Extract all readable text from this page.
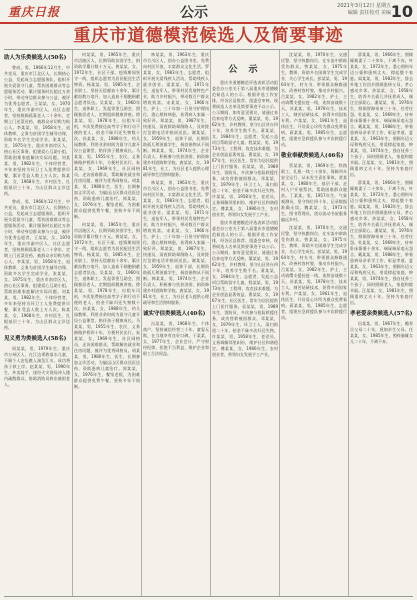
重庆日报	公示	2021年3月12日 星期五
编辑 责任校对 美编 10
重庆市道德模范候选人及简要事迹
助人为乐类候选人(50名)

曾成，男，1966年12月生，中共党员，重庆市江北区人。长期热心公益，发起成立志愿服务队，组织开展关爱留守儿童、帮扶困难群众等志愿服务活动，累计服务时长超过万余小时，带动身边群众参与公益，被评为优秀志愿者。王某某，女，1970年生，重庆市渝中区人，社区志愿者，坚持照顾孤寡老人二十余年，定期上门送菜送药，被群众亲切称为贴心人。李某某，男，1958年生，退休教师，义务为贫困学生辅导功课，资助多名学生完成学业。张某某，女，1975年生，重庆市南岸区人，热心社区事务，组建爱心互助小组，帮助困难家庭解决实际问题。刘某某，男，1982年生，个体经营者，多年来坚持为环卫工人免费提供早餐，累计受益人数上万人次。陈某某，女，1968年生，乡村医生，扎根基层三十年，为山区群众义诊送药。

曾成，男，1966年12月生，中共党员，重庆市江北区人。长期热心公益，发起成立志愿服务队，组织开展关爱留守儿童、帮扶困难群众等志愿服务活动，累计服务时长超过万余小时，带动身边群众参与公益，被评为优秀志愿者。王某某，女，1970年生，重庆市渝中区人，社区志愿者，坚持照顾孤寡老人二十余年，定期上门送菜送药，被群众亲切称为贴心人。李某某，男，1958年生，退休教师，义务为贫困学生辅导功课，资助多名学生完成学业。张某某，女，1975年生，重庆市南岸区人，热心社区事务，组建爱心互助小组，帮助困难家庭解决实际问题。刘某某，男，1982年生，个体经营者，多年来坚持为环卫工人免费提供早餐，累计受益人数上万人次。陈某某，女，1968年生，乡村医生，扎根基层三十年，为山区群众义诊送药。

见义勇为类候选人(58名)

周某某，男，1979年生，重庆市万州区人，在江边勇救落水儿童，不顾个人安危跳入湍急江水，成功将孩子救上岸。赵某某，男，1990年生，外卖骑手，途经火灾现场冲入楼内疏散群众，协助消防员救出被困老人。

何某某，男，1965年生，重庆市涪陵区人，长期资助贫困学生，捐资助学累计数十万元。黄某某，女，1972年生，社区干部，疫情期间坚守一线，组织志愿者为居民配送生活物资。杨某某，男，1985年生，企业职工，坚持无偿献血十余年，累计献血数万毫升，加入造血干细胞捐献志愿者队伍。吴某某，女，1960年生，退休职工，发起邻里互助会，照顾独居老人，定期组织健康讲座。徐某某，男，1978年生，出租车司机，多次免费接送高考学子和行动不便的老人，拾金不昧归还失物数十次。孙某某，女，1988年生，幼儿园教师，利用业余时间为留守儿童开设公益课堂，陪伴孩子健康成长。马某某，男，1955年生，农民，义务修路护桥四十年，方便村民出行。朱某某，女，1969年生，社区网格员，走访困难群众，帮助解决就业和住房问题，被评为优秀网格员。胡某某，男，1980年生，医生，长期参加义诊活动，为偏远山区群众送医送药，资助患病儿童治疗。郭某某，女，1976年生，餐馆老板，为困难群众提供免费午餐，坚持多年不间断。

何某某，男，1965年生，重庆市涪陵区人，长期资助贫困学生，捐资助学累计数十万元。黄某某，女，1972年生，社区干部，疫情期间坚守一线，组织志愿者为居民配送生活物资。杨某某，男，1985年生，企业职工，坚持无偿献血十余年，累计献血数万毫升，加入造血干细胞捐献志愿者队伍。吴某某，女，1960年生，退休职工，发起邻里互助会，照顾独居老人，定期组织健康讲座。徐某某，男，1978年生，出租车司机，多次免费接送高考学子和行动不便的老人，拾金不昧归还失物数十次。孙某某，女，1988年生，幼儿园教师，利用业余时间为留守儿童开设公益课堂，陪伴孩子健康成长。马某某，男，1955年生，农民，义务修路护桥四十年，方便村民出行。朱某某，女，1969年生，社区网格员，走访困难群众，帮助解决就业和住房问题，被评为优秀网格员。胡某某，男，1980年生，医生，长期参加义诊活动，为偏远山区群众送医送药，资助患病儿童治疗。郭某某，女，1976年生，餐馆老板，为困难群众提供免费午餐，坚持多年不间断。

林某某，男，1963年生，重庆市合川区人，创办公益图书室，免费向村民开放，丰富群众文化生活。罗某某，女，1983年生，志愿者，组织开展关爱残疾人活动，帮助残疾人就业创业。梁某某，男，1971年生，退伍军人，带领村民发展特色产业，助力乡村振兴，带动数百户群众增收致富。宋某某，女，1966年生，护士，三十年如一日坚守护理岗位，悉心照料病患，获得病人家属一致好评。郑某某，男，1987年生，快递员，雨夜救助晕倒路人，及时拨打急救电话并陪同送医。谢某某，女，1959年生，退休干部，长期资助孤儿和困难学生，捐款捐物从不间断。韩某某，男，1974年生，企业负责人，积极参与扶贫济困，捐资修建乡村道路和学校。唐某某，女，1981年生，社工，为社区老人提供心理疏导和生活照料服务。

林某某，男，1963年生，重庆市合川区人，创办公益图书室，免费向村民开放，丰富群众文化生活。罗某某，女，1983年生，志愿者，组织开展关爱残疾人活动，帮助残疾人就业创业。梁某某，男，1971年生，退伍军人，带领村民发展特色产业，助力乡村振兴，带动数百户群众增收致富。宋某某，女，1966年生，护士，三十年如一日坚守护理岗位，悉心照料病患，获得病人家属一致好评。郑某某，男，1987年生，快递员，雨夜救助晕倒路人，及时拨打急救电话并陪同送医。谢某某，女，1959年生，退休干部，长期资助孤儿和困难学生，捐款捐物从不间断。韩某某，男，1974年生，企业负责人，积极参与扶贫济困，捐资修建乡村道路和学校。唐某某，女，1981年生，社工，为社区老人提供心理疏导和生活照料服务。

诚实守信类候选人(40名)

冯某某，男，1968年生，个体商户，坚持诚信经营三十年，童叟无欺，在当地享有良好口碑。于某某，女，1977年生，企业会计，严守财经纪律，拒绝不当利益，维护企业和职工合法权益。

重庆市道德模范评选表彰活动组委会办公室关于第八届重庆市道德模范候选人的公示。根据评选工作安排，经各区县推荐、组委会审核，现将候选人名单及简要事迹予以公示。公示期间，如有意见建议，请通过来信来电等方式反映。董某某，男，1962年生，乡村教师，坚守山区讲台四十年，培养学生数千名。萧某某，女，1984年生，志愿者，发起公益项目帮助留守儿童。程某某，男，1973年生，工程师，攻克技术难题，为企业创造显著效益。曹某某，女，1967年生，社区医生，常年为居民提供上门医疗服务。袁某某，男，1989年生，消防员，多次参与抢险救援任务，成功营救被困群众。邓某某，女，1979年生，环卫工人，清扫街道二十年，拾金不昧多次归还失物。许某某，男，1958年生，老党员，义务调解邻里纠纷，维护社区和谐稳定。傅某某，女，1986年生，农村创业者，带领妇女发展手工产业。

重庆市道德模范评选表彰活动组委会办公室关于第八届重庆市道德模范候选人的公示。根据评选工作安排，经各区县推荐、组委会审核，现将候选人名单及简要事迹予以公示。公示期间，如有意见建议，请通过来信来电等方式反映。董某某，男，1962年生，乡村教师，坚守山区讲台四十年，培养学生数千名。萧某某，女，1984年生，志愿者，发起公益项目帮助留守儿童。程某某，男，1973年生，工程师，攻克技术难题，为企业创造显著效益。曹某某，女，1967年生，社区医生，常年为居民提供上门医疗服务。袁某某，男，1989年生，消防员，多次参与抢险救援任务，成功营救被困群众。邓某某，女，1979年生，环卫工人，清扫街道二十年，拾金不昧多次归还失物。许某某，男，1958年生，老党员，义务调解邻里纠纷，维护社区和谐稳定。傅某某，女，1986年生，农村创业者，带领妇女发展手工产业。

公 示

沈某某，男，1970年生，交通民警，坚守执勤岗位，在车流中救助受伤群众。曾某某，女，1975年生，教师，资助多名困难学生完成学业，关心学生成长。彭某某，男，1964年生，村支书，带领群众修路通水，改善村容村貌，推动乡村振兴。吕某某，女，1982年生，护士，主动请缨支援抗疫一线，连续奋战数十天。苏某某，男，1978年生，技术工人，刻苦钻研技术，获得多项国家专利。卢某某，女，1961年生，退休医生，开设爱心诊所为群众免费看病。蒋某某，男，1985年生，志愿者，组建应急救援队参与多次救援行动。

敬业奉献类候选人(46名)

蔡某某，男，1969年生，铁路职工，扎根一线三十余年，保障列车安全运行，从未发生责任事故。贾某某，女，1980年生，基层干部，走村入户开展帮扶，帮助困难群众脱贫。丁某某，男，1957年生，气象观测员，坚守岗位四十年，记录数据准确无误。魏某某，女，1973年生，图书管理员，创办流动书屋服务偏远乡村。

沈某某，男，1970年生，交通民警，坚守执勤岗位，在车流中救助受伤群众。曾某某，女，1975年生，教师，资助多名困难学生完成学业，关心学生成长。彭某某，男，1964年生，村支书，带领群众修路通水，改善村容村貌，推动乡村振兴。吕某某，女，1982年生，护士，主动请缨支援抗疫一线，连续奋战数十天。苏某某，男，1978年生，技术工人，刻苦钻研技术，获得多项国家专利。卢某某，女，1961年生，退休医生，开设爱心诊所为群众免费看病。蒋某某，男，1985年生，志愿者，组建应急救援队参与多次救援行动。

薛某某，男，1966年生，照顾瘫痪妻子二十余年，不离不弃。叶某某，女，1972年生，悉心照料年迈公婆和患病丈夫，撑起整个家庭。阎某某，男，1983年生，辞去外地工作回乡照顾患病父母，孝心感动乡邻。余某某，女，1958年生，收养多名孤儿并抚养成人，倾注全部爱心。潘某某，男，1976年生，照顾智障弟弟三十年，任劳任怨。杜某某，女，1969年生，侍奉卧床婆婆十余年，端屎端尿毫无怨言。戴某某，男，1988年生，带着患病母亲求学工作，彰显孝道。夏某某，女，1963年生，照顾年迈父母和残疾兄长，用爱撑起家庭。钟某某，男，1974年生，独自抚养三个孩子，同时照顾老人，家庭和睦幸福。汪某某，女，1981年生，照顾重病丈夫十年，坚持为家庭付出。

薛某某，男，1966年生，照顾瘫痪妻子二十余年，不离不弃。叶某某，女，1972年生，悉心照料年迈公婆和患病丈夫，撑起整个家庭。阎某某，男，1983年生，辞去外地工作回乡照顾患病父母，孝心感动乡邻。余某某，女，1958年生，收养多名孤儿并抚养成人，倾注全部爱心。潘某某，男，1976年生，照顾智障弟弟三十年，任劳任怨。杜某某，女，1969年生，侍奉卧床婆婆十余年，端屎端尿毫无怨言。戴某某，男，1988年生，带着患病母亲求学工作，彰显孝道。夏某某，女，1963年生，照顾年迈父母和残疾兄长，用爱撑起家庭。钟某某，男，1974年生，独自抚养三个孩子，同时照顾老人，家庭和睦幸福。汪某某，女，1981年生，照顾重病丈夫十年，坚持为家庭付出。

孝老爱亲类候选人(57名)

田某某，男，1967年生，赡养岳父母二十年，视如亲生父母。任某某，女，1985年生，照料脑瘫女儿二十年，不离不弃。
